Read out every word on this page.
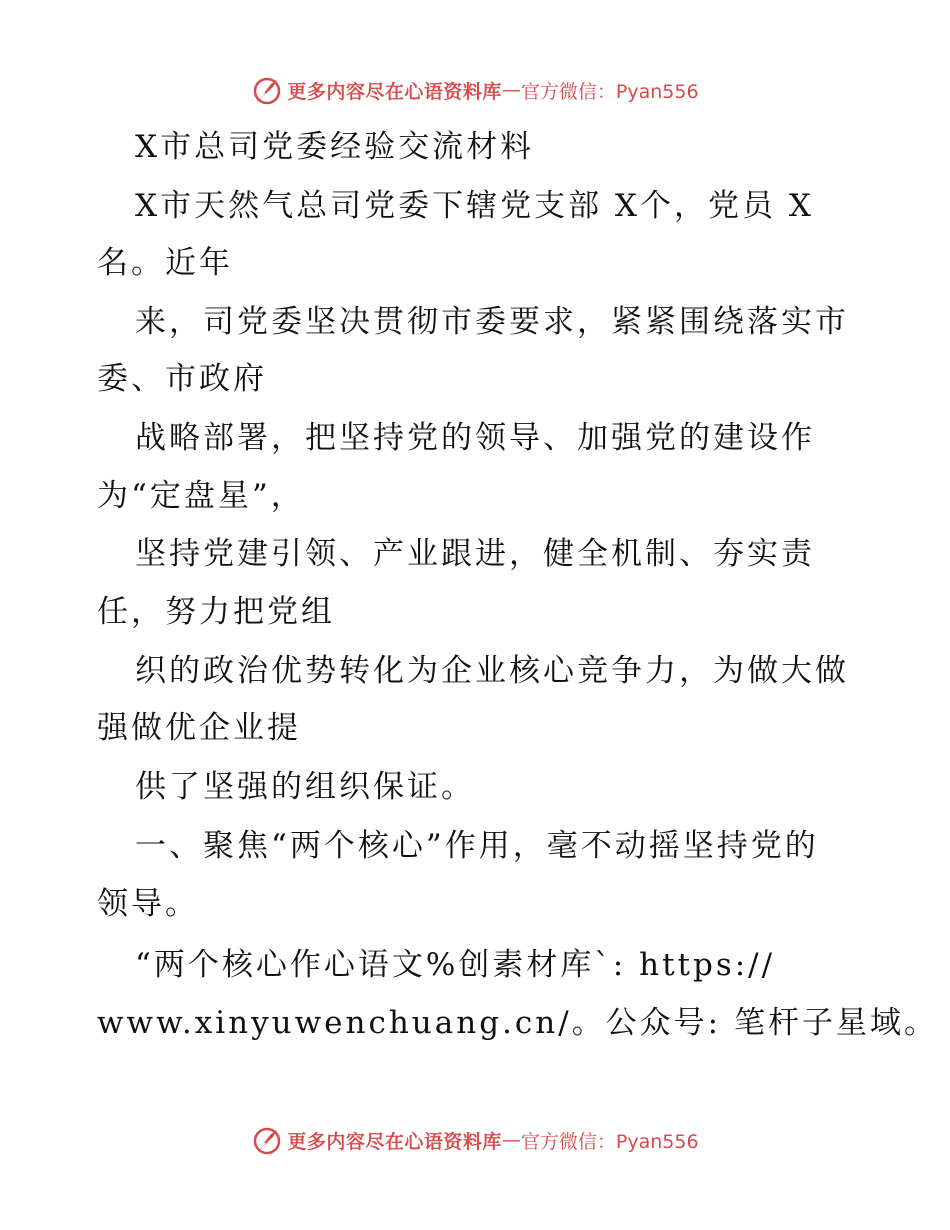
更多内容尽在心语资料库 — 官方微信：Pyan556
X市总司党委经验交流材料
X市天然气总司党委下辖党支部 X个，党员 X
名。近年
来，司党委坚决贯彻市委要求，紧紧围绕落实市
委、市政府
战略部署，把坚持党的领导、加强党的建设作
为“定盘星”，
坚持党建引领、产业跟进，健全机制、夯实责
任，努力把党组
织的政治优势转化为企业核心竞争力，为做大做
强做优企业提
供了坚强的组织保证。
一、聚焦“两个核心”作用，毫不动摇坚持党的
领导。
“两个核心作心语文%创素材库`: https://
www.xinyuwenchuang.cn/。公众号: 笔杆子星域。
更多内容尽在心语资料库 — 官方微信：Pyan556
